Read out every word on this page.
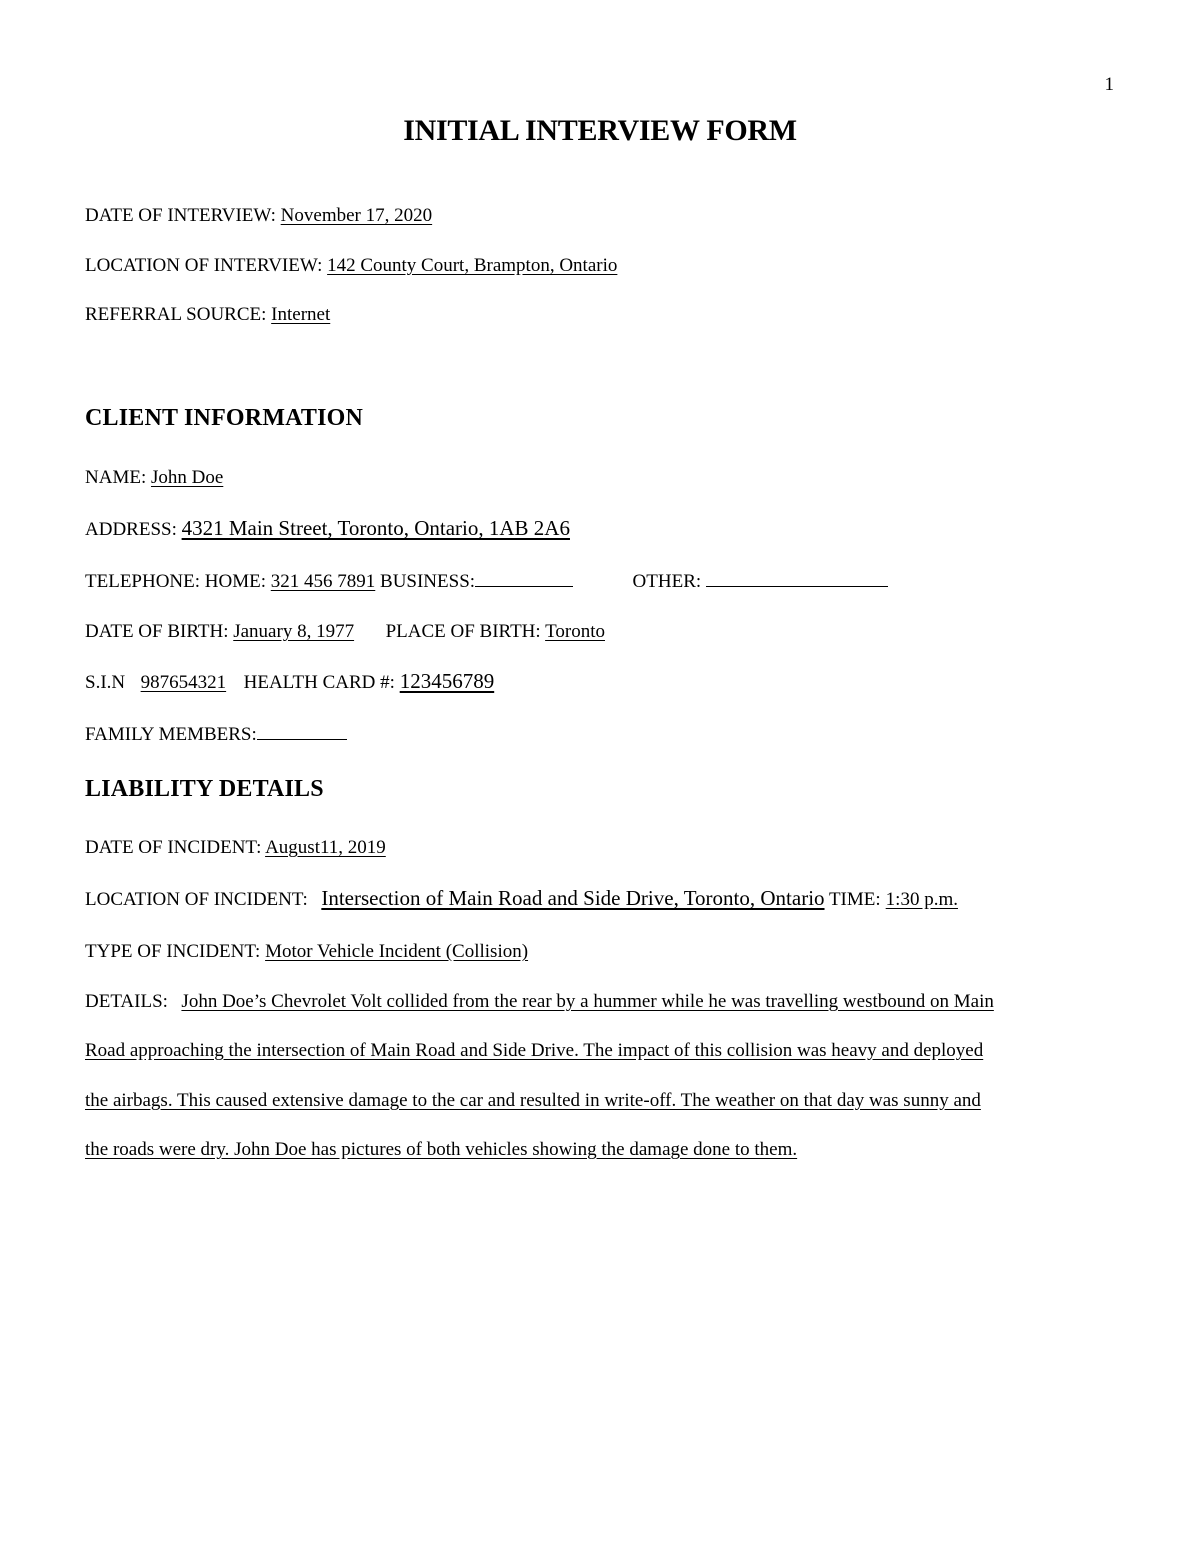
1
INITIAL INTERVIEW FORM
DATE OF INTERVIEW: November 17, 2020
LOCATION OF INTERVIEW: 142 County Court, Brampton, Ontario
REFERRAL SOURCE: Internet
CLIENT INFORMATION
NAME: John Doe
ADDRESS: 4321 Main Street, Toronto, Ontario, 1AB 2A6
TELEPHONE: HOME: 321 456 7891 BUSINESS:	OTHER:
DATE OF BIRTH: January 8, 1977 PLACE OF BIRTH: Toronto
S.I.N 987654321 HEALTH CARD #: 123456789
FAMILY MEMBERS:
LIABILITY DETAILS
DATE OF INCIDENT: August11, 2019
LOCATION OF INCIDENT: Intersection of Main Road and Side Drive, Toronto, Ontario TIME: 1:30 p.m.
TYPE OF INCIDENT: Motor Vehicle Incident (Collision)
DETAILS: John Doe’s Chevrolet Volt collided from the rear by a hummer while he was travelling westbound on Main
Road approaching the intersection of Main Road and Side Drive. The impact of this collision was heavy and deployed
the airbags. This caused extensive damage to the car and resulted in write-off. The weather on that day was sunny and
the roads were dry. John Doe has pictures of both vehicles showing the damage done to them.
